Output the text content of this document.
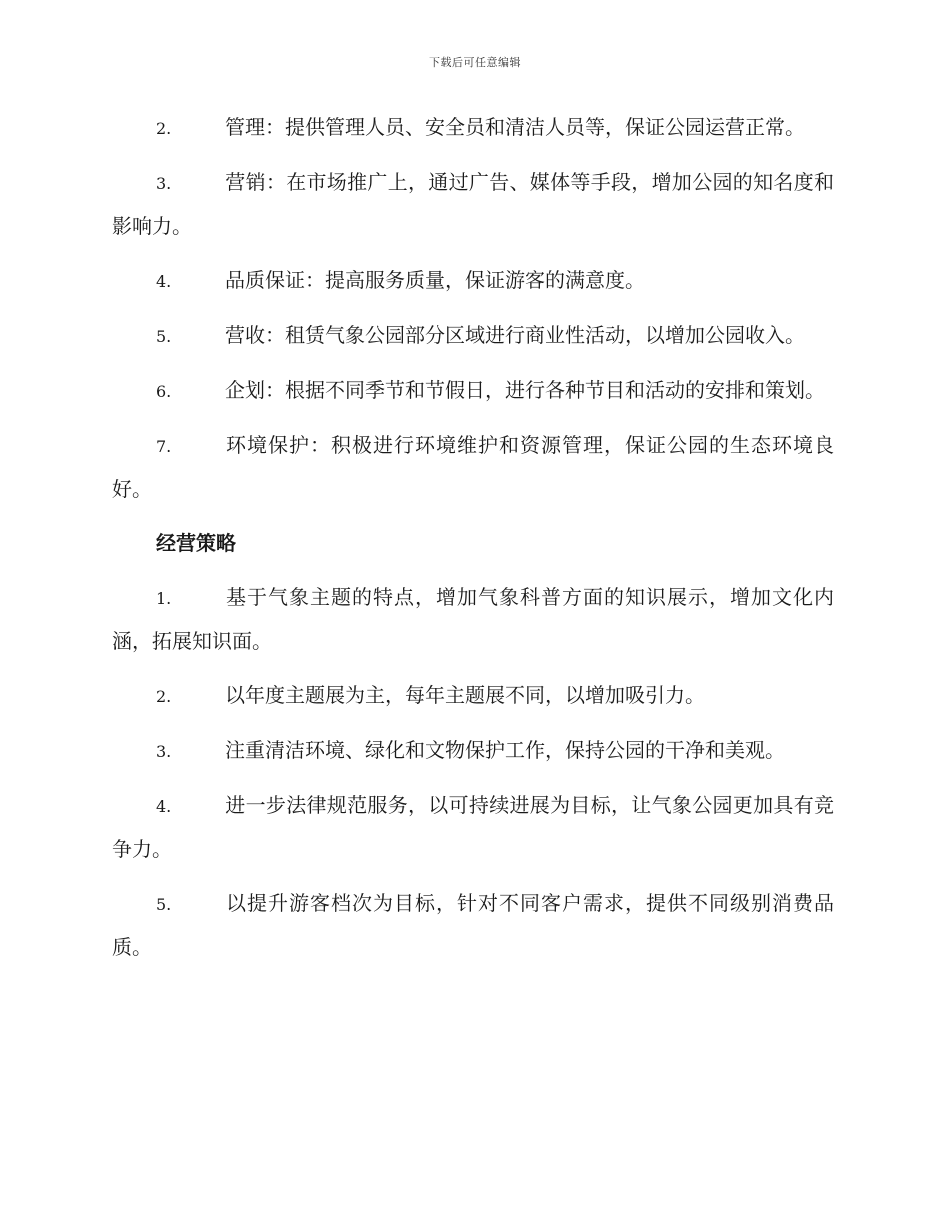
下载后可任意编辑

2.	管理：提供管理人员、安全员和清洁人员等，保证公园运营正常。

3.	营销：在市场推广上，通过广告、媒体等手段，增加公园的知名度和影响力。

4.	品质保证：提高服务质量，保证游客的满意度。

5.	营收：租赁气象公园部分区域进行商业性活动，以增加公园收入。

6.	企划：根据不同季节和节假日，进行各种节目和活动的安排和策划。

7.	环境保护：积极进行环境维护和资源管理，保证公园的生态环境良好。

经营策略

1.	基于气象主题的特点，增加气象科普方面的知识展示，增加文化内涵，拓展知识面。

2.	以年度主题展为主，每年主题展不同，以增加吸引力。

3.	注重清洁环境、绿化和文物保护工作，保持公园的干净和美观。

4.	进一步法律规范服务，以可持续进展为目标，让气象公园更加具有竞争力。

5.	以提升游客档次为目标，针对不同客户需求，提供不同级别消费品质。
